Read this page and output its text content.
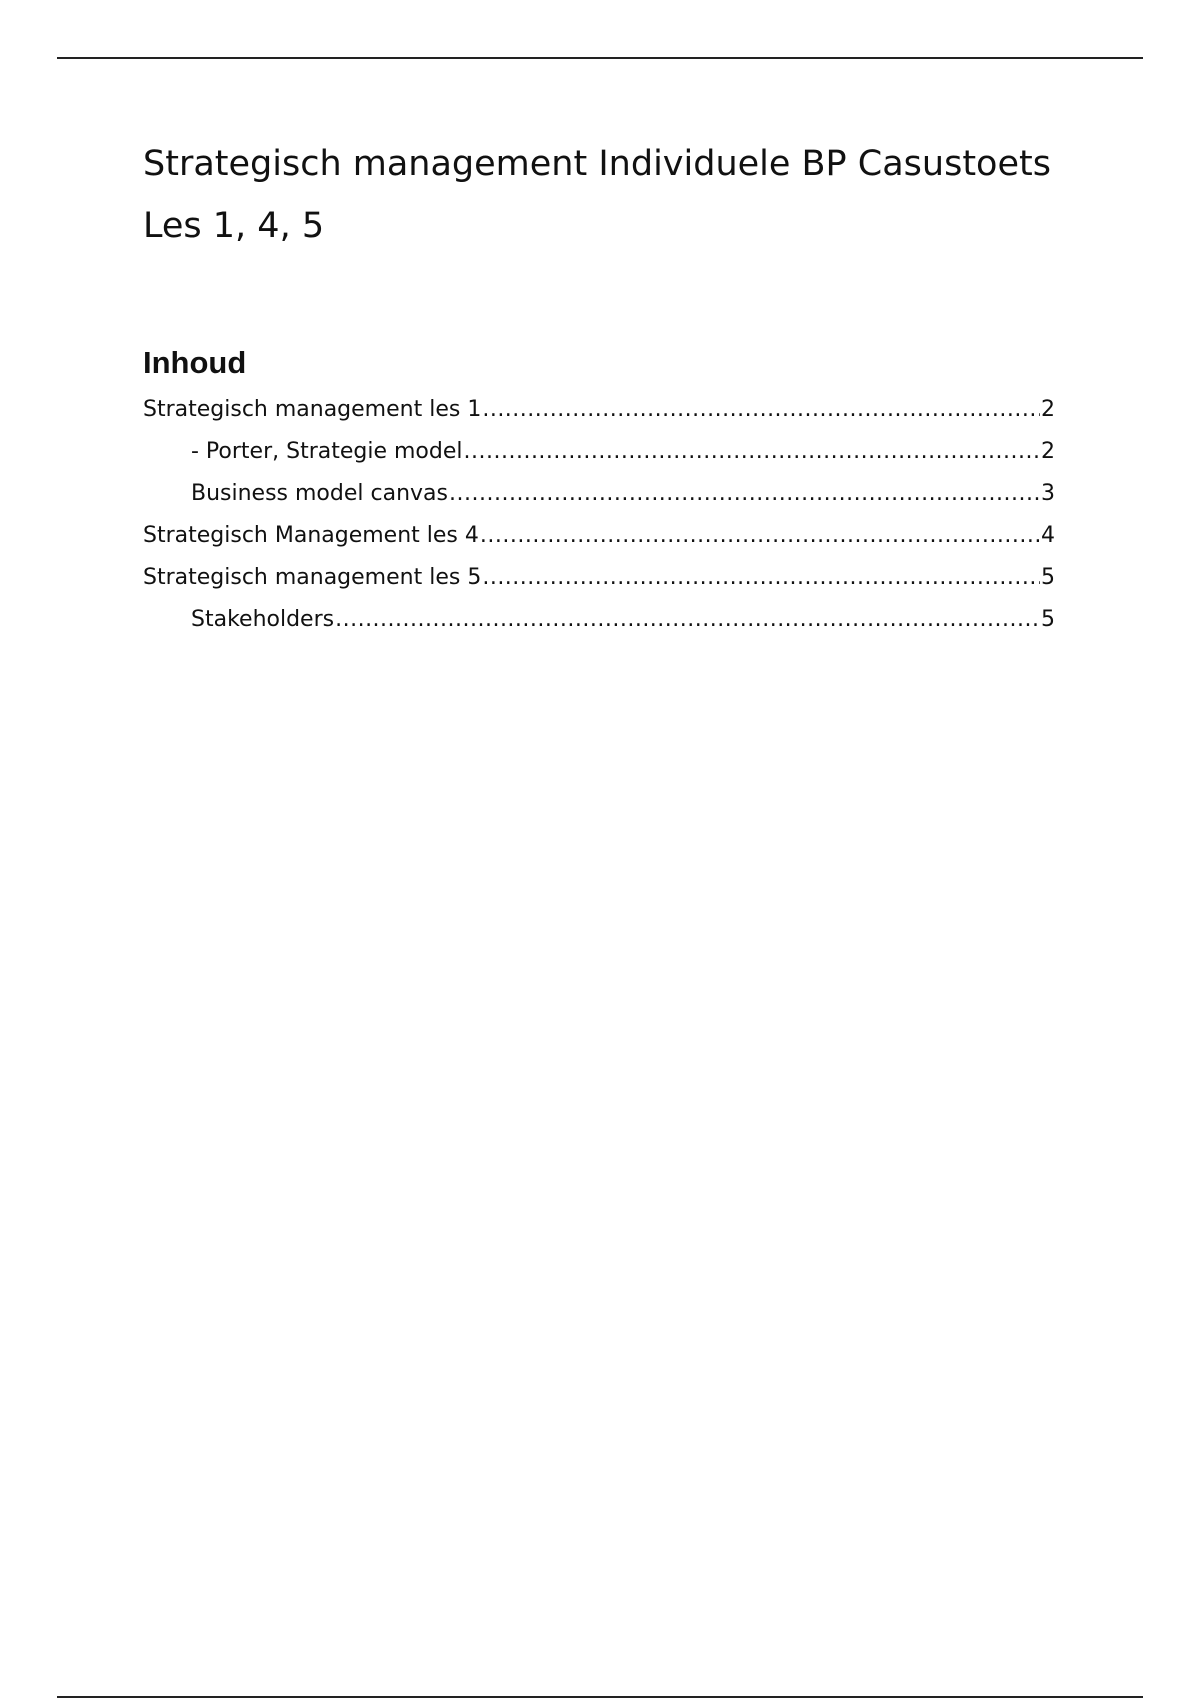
Strategisch management Individuele BP Casustoets
Les 1, 4, 5
Inhoud
Strategisch management les 1 .....	2
- Porter, Strategie model .....	2
Business model canvas .....	3
Strategisch Management les 4 .....	4
Strategisch management les 5 .....	5
Stakeholders .....	5
